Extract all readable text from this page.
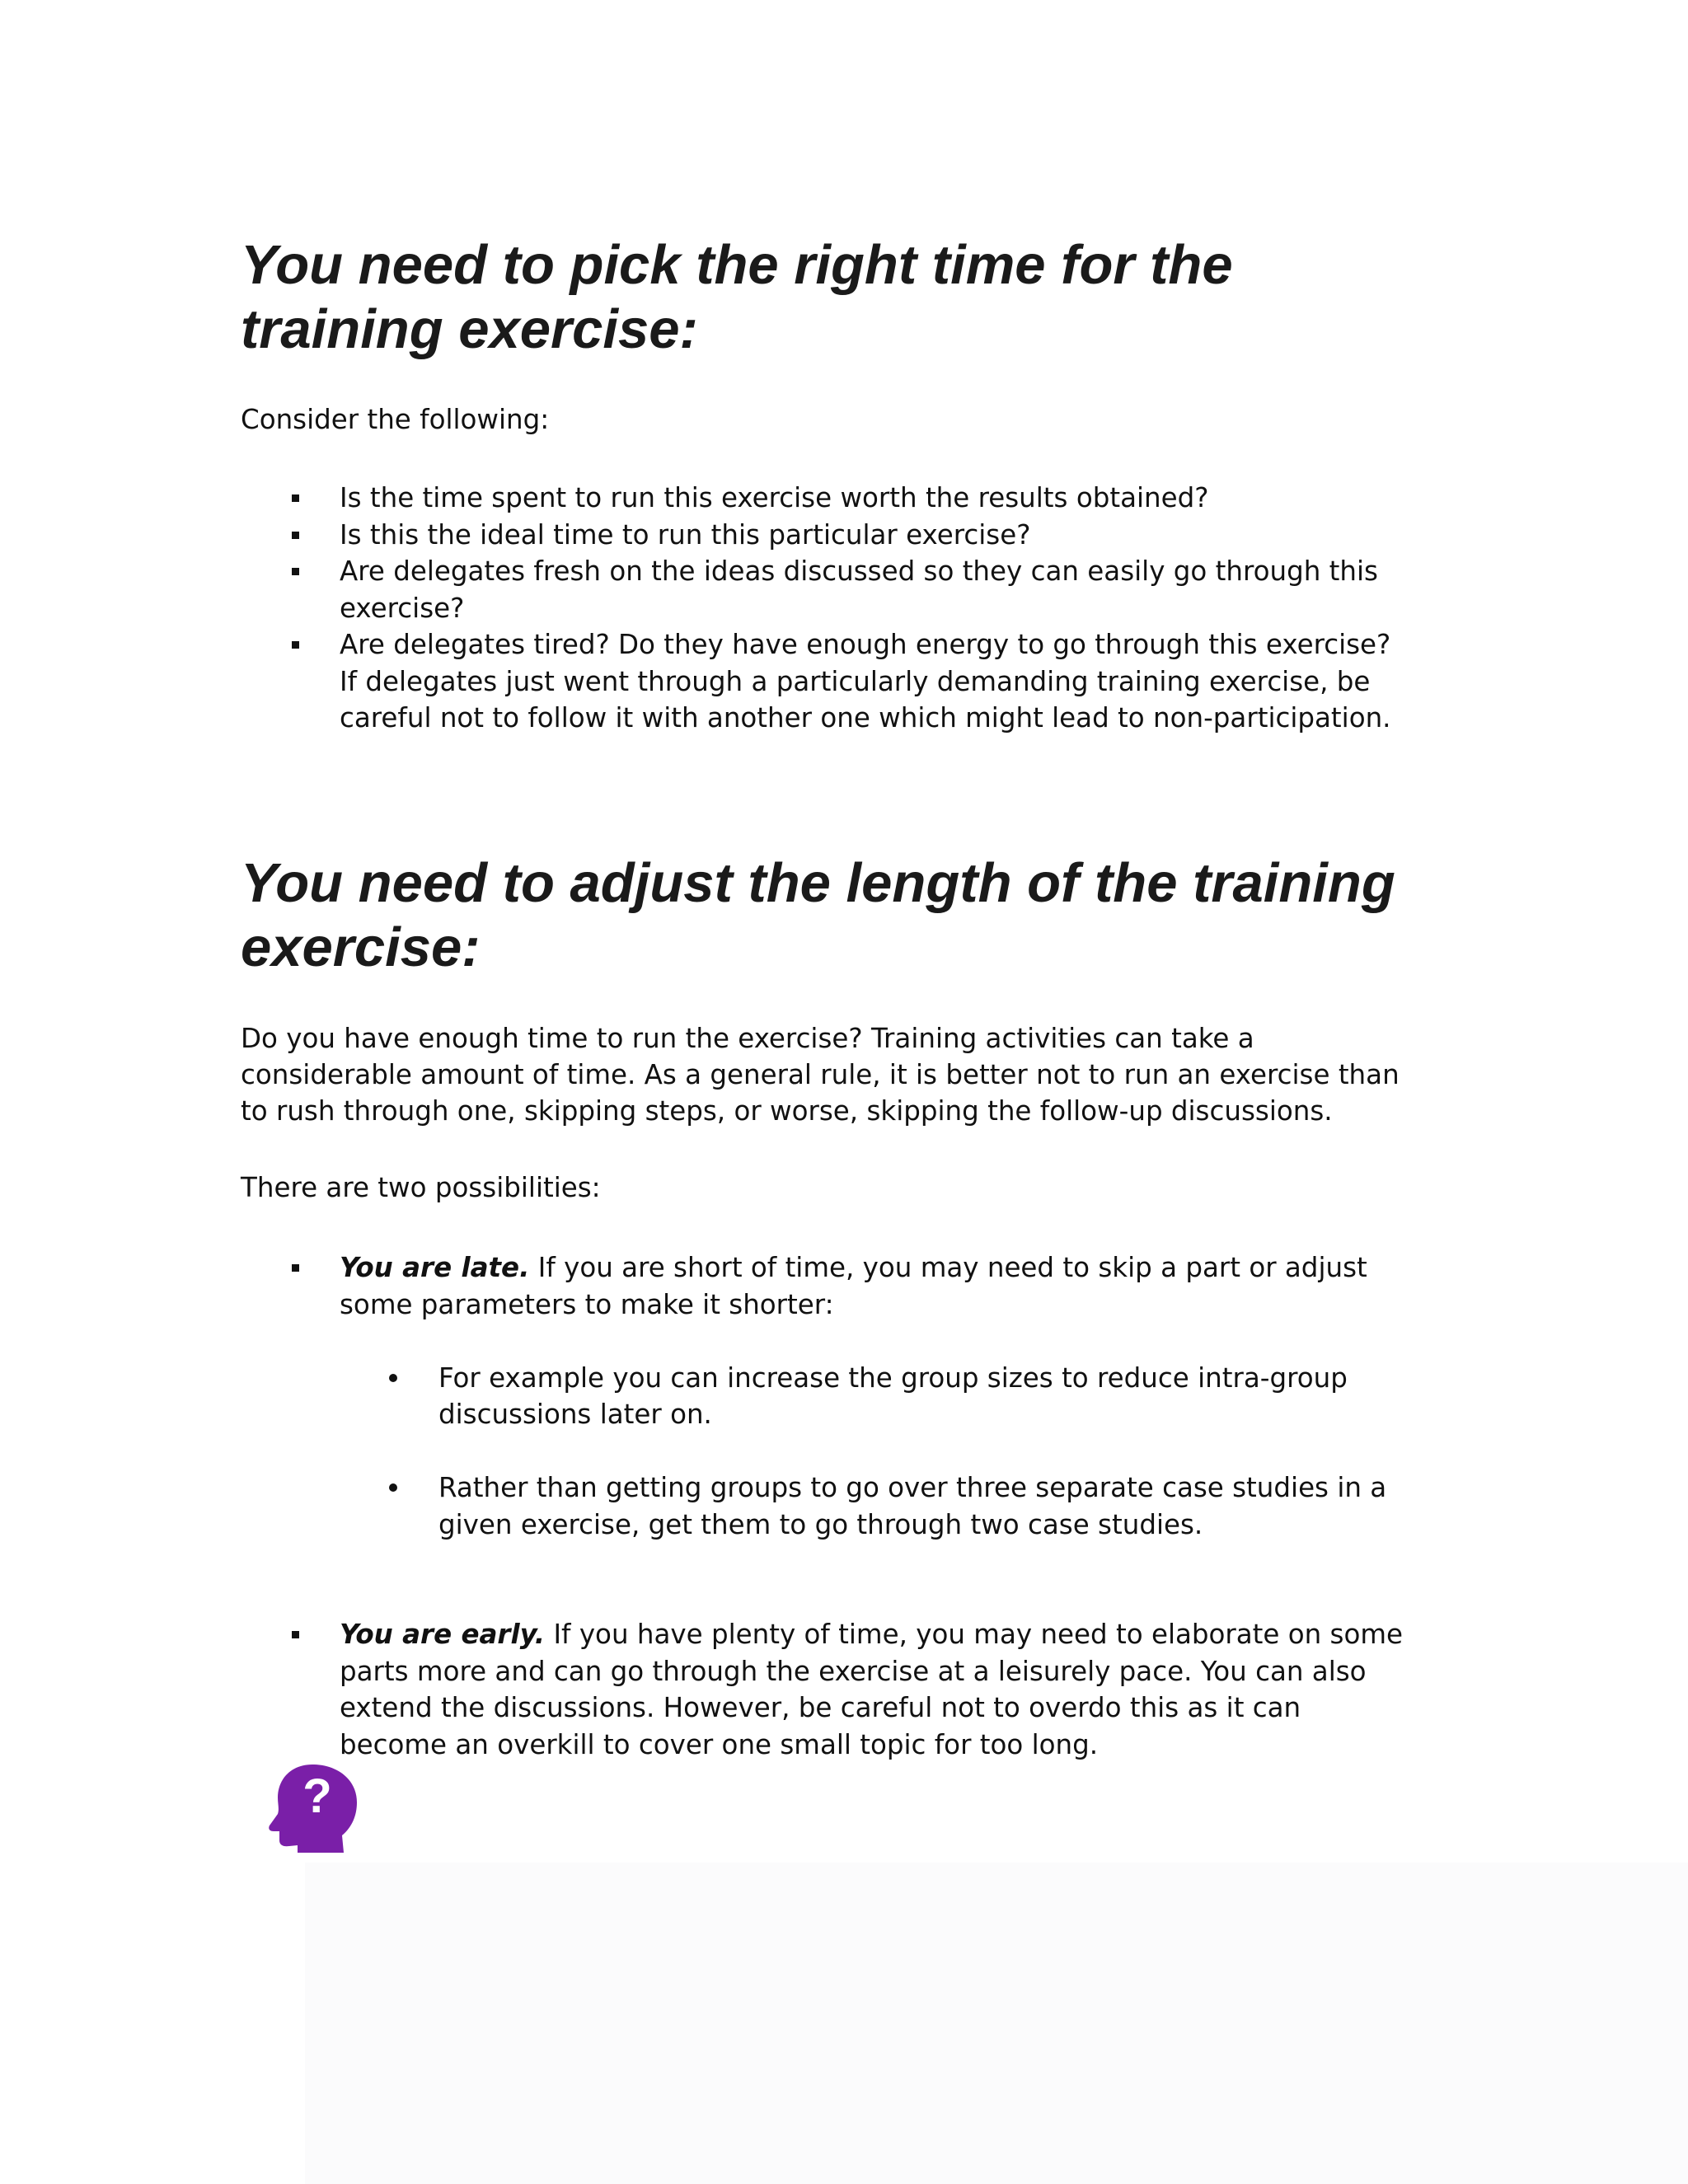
You need to pick the right time for the
training exercise:

Consider the following:

Is the time spent to run this exercise worth the results obtained?
Is this the ideal time to run this particular exercise?
Are delegates fresh on the ideas discussed so they can easily go through this
exercise?
Are delegates tired? Do they have enough energy to go through this exercise?
If delegates just went through a particularly demanding training exercise, be
careful not to follow it with another one which might lead to non-participation.
You need to adjust the length of the training
exercise:

Do you have enough time to run the exercise? Training activities can take a
considerable amount of time. As a general rule, it is better not to run an exercise than
to rush through one, skipping steps, or worse, skipping the follow-up discussions.

There are two possibilities:

You are late. If you are short of time, you may need to skip a part or adjust
some parameters to make it shorter:

For example you can increase the group sizes to reduce intra-group
discussions later on.

Rather than getting groups to go over three separate case studies in a
given exercise, get them to go through two case studies.

You are early. If you have plenty of time, you may need to elaborate on some
parts more and can go through the exercise at a leisurely pace. You can also
extend the discussions. However, be careful not to overdo this as it can
become an overkill to cover one small topic for too long.
?
